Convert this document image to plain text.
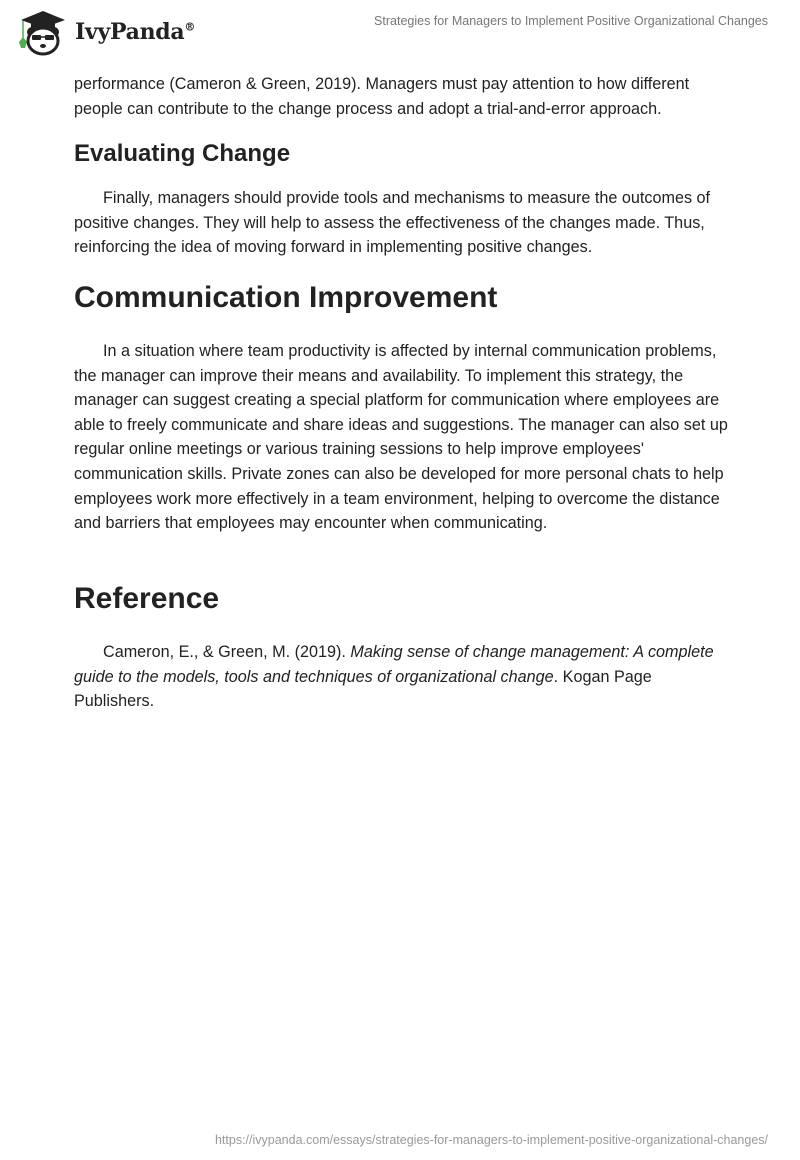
IvyPanda®	Strategies for Managers to Implement Positive Organizational Changes

performance (Cameron & Green, 2019). Managers must pay attention to how different people can contribute to the change process and adopt a trial-and-error approach.

Evaluating Change

Finally, managers should provide tools and mechanisms to measure the outcomes of positive changes. They will help to assess the effectiveness of the changes made. Thus, reinforcing the idea of moving forward in implementing positive changes.

Communication Improvement

In a situation where team productivity is affected by internal communication problems, the manager can improve their means and availability. To implement this strategy, the manager can suggest creating a special platform for communication where employees are able to freely communicate and share ideas and suggestions. The manager can also set up regular online meetings or various training sessions to help improve employees' communication skills. Private zones can also be developed for more personal chats to help employees work more effectively in a team environment, helping to overcome the distance and barriers that employees may encounter when communicating.

Reference

Cameron, E., & Green, M. (2019). Making sense of change management: A complete guide to the models, tools and techniques of organizational change. Kogan Page Publishers.

https://ivypanda.com/essays/strategies-for-managers-to-implement-positive-organizational-changes/
